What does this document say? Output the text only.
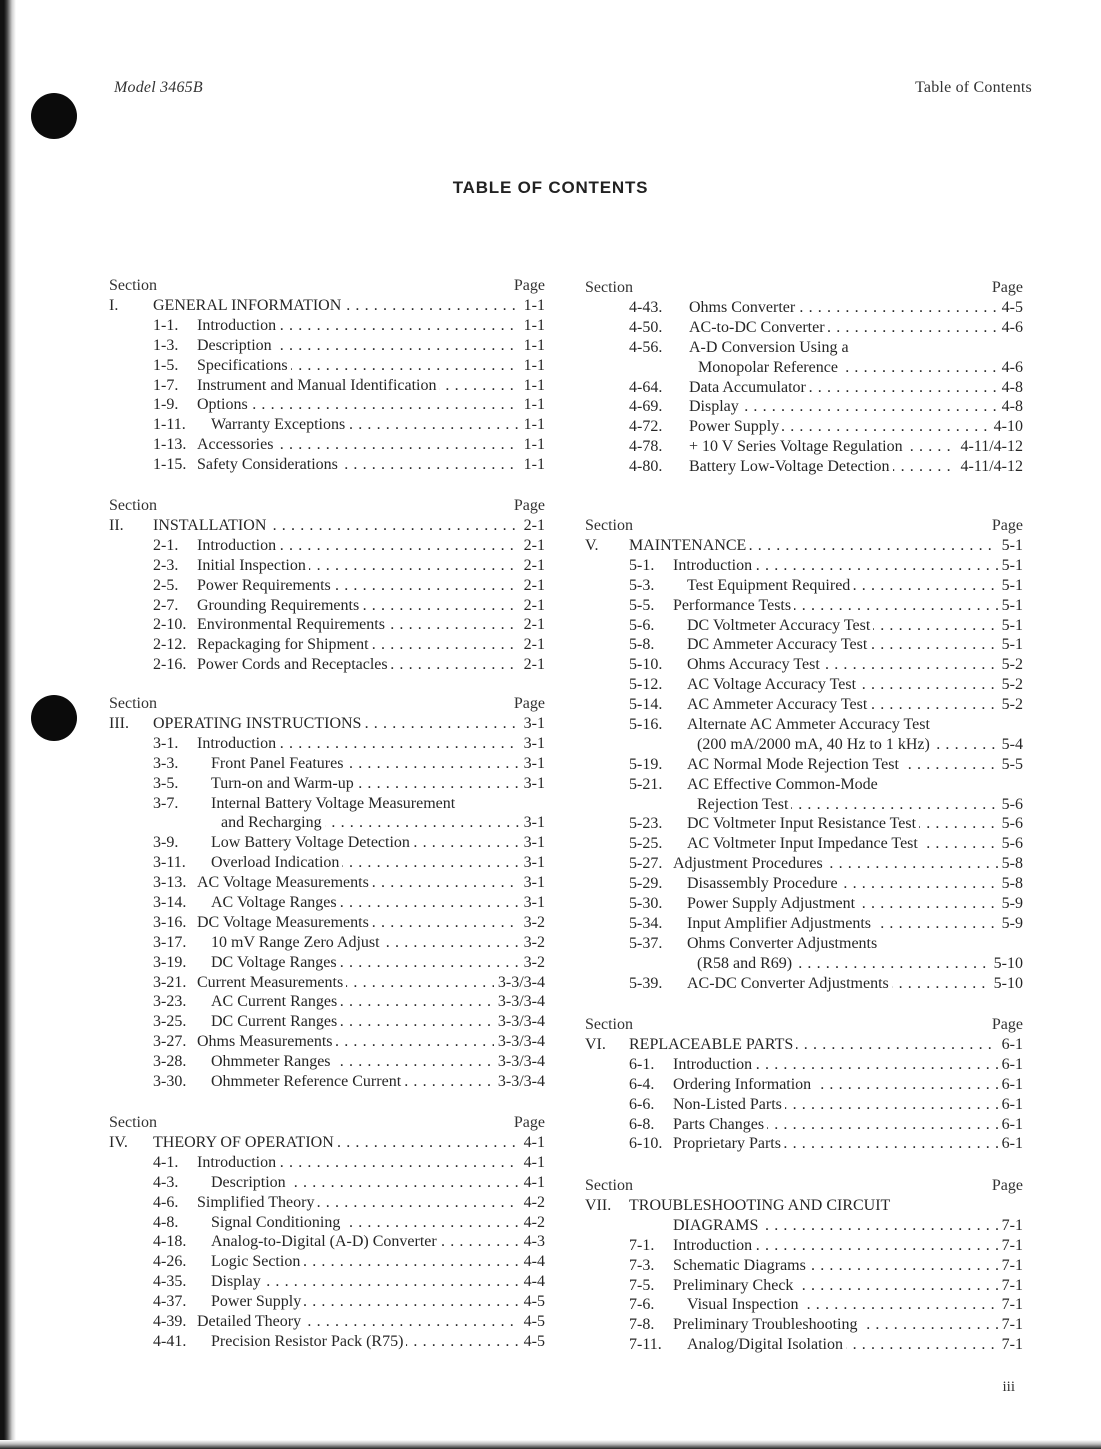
Model 3465B	Table of Contents
TABLE OF CONTENTS
Section	Page
I. GENERAL INFORMATION . . .	1-1
1-1. Introduction . . .	1-1
1-3. Description . . .	1-1
1-5. Specifications . . .	1-1
1-7. Instrument and Manual Identification . . .	1-1
1-9. Options . . .	1-1
1-11. Warranty Exceptions . . .	1-1
1-13. Accessories . . .	1-1
1-15. Safety Considerations . . .	1-1
Section	Page
II. INSTALLATION . . .	2-1
2-1. Introduction . . .	2-1
2-3. Initial Inspection . . .	2-1
2-5. Power Requirements . . .	2-1
2-7. Grounding Requirements . . .	2-1
2-10. Environmental Requirements . . .	2-1
2-12. Repackaging for Shipment . . .	2-1
2-16. Power Cords and Receptacles . . .	2-1
Section	Page
III. OPERATING INSTRUCTIONS . . .	3-1
3-1. Introduction . . .	3-1
3-3. Front Panel Features . . .	3-1
3-5. Turn-on and Warm-up . . .	3-1
3-7. Internal Battery Voltage Measurement
and Recharging . . .	3-1
3-9. Low Battery Voltage Detection . . .	3-1
3-11. Overload Indication . . .	3-1
3-13. AC Voltage Measurements . . .	3-1
3-14. AC Voltage Ranges . . .	3-1
3-16. DC Voltage Measurements . . .	3-2
3-17. 10 mV Range Zero Adjust . . .	3-2
3-19. DC Voltage Ranges . . .	3-2
3-21. Current Measurements . . .	3-3/3-4
3-23. AC Current Ranges . . .	3-3/3-4
3-25. DC Current Ranges . . .	3-3/3-4
3-27. Ohms Measurements . . .	3-3/3-4
3-28. Ohmmeter Ranges . . .	3-3/3-4
3-30. Ohmmeter Reference Current . . .	3-3/3-4
Section	Page
IV. THEORY OF OPERATION . . .	4-1
4-1. Introduction . . .	4-1
4-3. Description . . .	4-1
4-6. Simplified Theory . . .	4-2
4-8. Signal Conditioning . . .	4-2
4-18. Analog-to-Digital (A-D) Converter . . .	4-3
4-26. Logic Section . . .	4-4
4-35. Display . . .	4-4
4-37. Power Supply . . .	4-5
4-39. Detailed Theory . . .	4-5
4-41. Precision Resistor Pack (R75) . . .	4-5
Section	Page
4-43. Ohms Converter . . .	4-5
4-50. AC-to-DC Converter . . .	4-6
4-56. A-D Conversion Using a
Monopolar Reference . . .	4-6
4-64. Data Accumulator . . .	4-8
4-69. Display . . .	4-8
4-72. Power Supply . . .	4-10
4-78. + 10 V Series Voltage Regulation . . .	4-11/4-12
4-80. Battery Low-Voltage Detection . . .	4-11/4-12
Section	Page
V. MAINTENANCE . . .	5-1
5-1. Introduction . . .	5-1
5-3. Test Equipment Required . . .	5-1
5-5. Performance Tests . . .	5-1
5-6. DC Voltmeter Accuracy Test . . .	5-1
5-8. DC Ammeter Accuracy Test . . .	5-1
5-10. Ohms Accuracy Test . . .	5-2
5-12. AC Voltage Accuracy Test . . .	5-2
5-14. AC Ammeter Accuracy Test . . .	5-2
5-16. Alternate AC Ammeter Accuracy Test
(200 mA/2000 mA, 40 Hz to 1 kHz) . . .	5-4
5-19. AC Normal Mode Rejection Test . . .	5-5
5-21. AC Effective Common-Mode
Rejection Test . . .	5-6
5-23. DC Voltmeter Input Resistance Test . . .	5-6
5-25. AC Voltmeter Input Impedance Test . . .	5-6
5-27. Adjustment Procedures . . .	5-8
5-29. Disassembly Procedure . . .	5-8
5-30. Power Supply Adjustment . . .	5-9
5-34. Input Amplifier Adjustments . . .	5-9
5-37. Ohms Converter Adjustments
(R58 and R69) . . .	5-10
5-39. AC-DC Converter Adjustments . . .	5-10
Section	Page
VI. REPLACEABLE PARTS . . .	6-1
6-1. Introduction . . .	6-1
6-4. Ordering Information . . .	6-1
6-6. Non-Listed Parts . . .	6-1
6-8. Parts Changes . . .	6-1
6-10. Proprietary Parts . . .	6-1
Section	Page
VII. TROUBLESHOOTING AND CIRCUIT
DIAGRAMS . . .	7-1
7-1. Introduction . . .	7-1
7-3. Schematic Diagrams . . .	7-1
7-5. Preliminary Check . . .	7-1
7-6. Visual Inspection . . .	7-1
7-8. Preliminary Troubleshooting . . .	7-1
7-11. Analog/Digital Isolation . . .	7-1
iii
